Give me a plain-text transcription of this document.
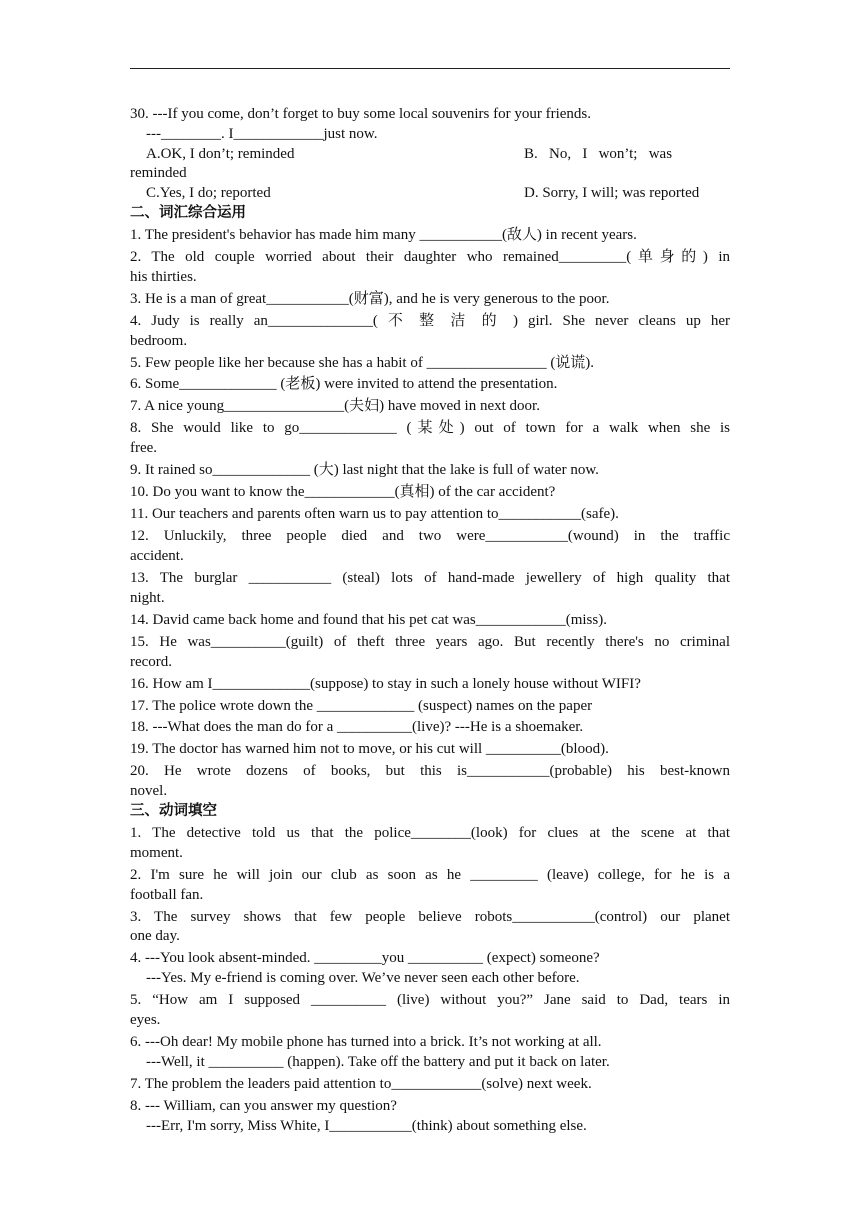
30. ---If you come, don’t forget to buy some local souvenirs for your friends.
---________. I____________just now.
A.OK, I don’t; reminded	B.   No,   I   won’t;   was
reminded
C.Yes, I do; reported	D. Sorry, I will; was reported
二、词汇综合运用
1. The president's behavior has made him many ___________(敌人) in recent years.
2. The old couple worried about their daughter who remained_________(单身的) in
his thirties.
3. He is a man of great___________(财富), and he is very generous to the poor.
4. Judy is really an______________( 不 整 洁 的 ) girl. She never cleans up her
bedroom.
5. Few people like her because she has a habit of ________________ (说谎).
6. Some_____________ (老板) were invited to attend the presentation.
7. A nice young________________(夫妇) have moved in next door.
8. She would like to go_____________ (某处) out of town for a walk when she is
free.
9. It rained so_____________ (大) last night that the lake is full of water now.
10. Do you want to know the____________(真相) of the car accident?
11. Our teachers and parents often warn us to pay attention to___________(safe).
12. Unluckily, three people died and two were___________(wound) in the traffic
accident.
13. The burglar ___________ (steal) lots of hand-made jewellery of high quality that
night.
14. David came back home and found that his pet cat was____________(miss).
15. He was__________(guilt) of theft three years ago. But recently there's no criminal
record.
16. How am I_____________(suppose) to stay in such a lonely house without WIFI?
17. The police wrote down the _____________ (suspect) names on the paper
18. ---What does the man do for a __________(live)? ---He is a shoemaker.
19. The doctor has warned him not to move, or his cut will __________(blood).
20. He wrote dozens of books, but this is___________(probable) his best-known
novel.
三、动词填空
1. The detective told us that the police________(look) for clues at the scene at that
moment.
2. I'm sure he will join our club as soon as he _________ (leave) college, for he is a
football fan.
3. The survey shows that few people believe robots___________(control) our planet
one day.
4. ---You look absent-minded. _________you __________ (expect) someone?
---Yes. My e-friend is coming over. We’ve never seen each other before.
5. “How am I supposed __________ (live) without you?” Jane said to Dad, tears in
eyes.
6. ---Oh dear! My mobile phone has turned into a brick. It’s not working at all.
---Well, it __________ (happen). Take off the battery and put it back on later.
7. The problem the leaders paid attention to____________(solve) next week.
8. --- William, can you answer my question?
---Err, I'm sorry, Miss White, I___________(think) about something else.
